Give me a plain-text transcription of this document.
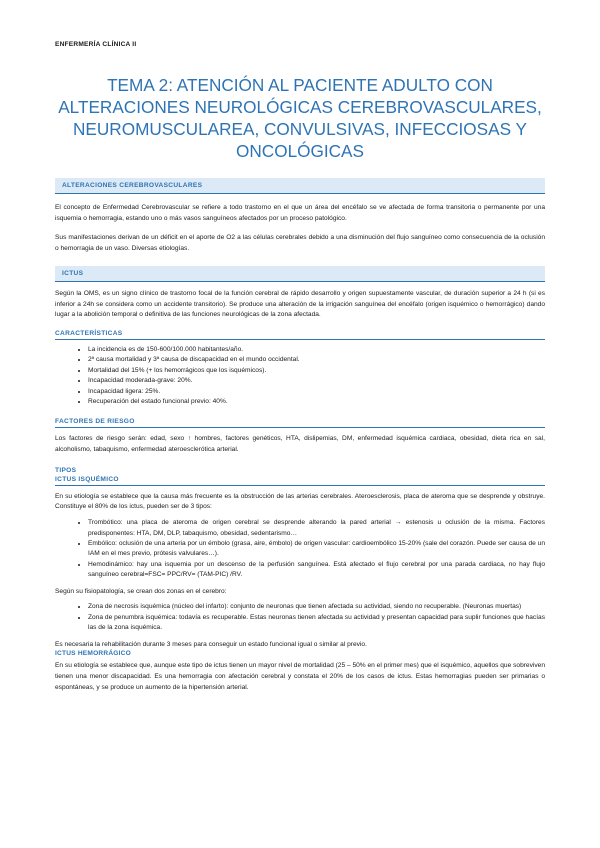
ENFERMERÍA CLÍNICA II
TEMA 2: ATENCIÓN AL PACIENTE ADULTO CON ALTERACIONES NEUROLÓGICAS CEREBROVASCULARES, NEUROMUSCULAREA, CONVULSIVAS, INFECCIOSAS Y ONCOLÓGICAS
ALTERACIONES CEREBROVASCULARES

El concepto de Enfermedad Cerebrovascular se refiere a todo trastorno en el que un área del encéfalo se ve afectada de forma transitoria o permanente por una isquemia o hemorragia, estando uno o más vasos sanguíneos afectados por un proceso patológico.

Sus manifestaciones derivan de un déficit en el aporte de O2 a las células cerebrales debido a una disminución del flujo sanguíneo como consecuencia de la oclusión o hemorragia de un vaso. Diversas etiologías.

ICTUS

Según la OMS, es un signo clínico de trastorno focal de la función cerebral de rápido desarrollo y origen supuestamente vascular, de duración superior a 24 h (si es inferior a 24h se considera como un accidente transitorio). Se produce una alteración de la irrigación sanguínea del encéfalo (origen isquémico o hemorrágico) dando lugar a la abolición temporal o definitiva de las funciones neurológicas de la zona afectada.

CARACTERÍSTICAS
• La incidencia es de 150-600/100.000 habitantes/año.
• 2ª causa mortalidad y 3ª causa de discapacidad en el mundo occidental.
• Mortalidad del 15% (+ los hemorrágicos que los isquémicos).
• Incapacidad moderada-grave: 20%.
• Incapacidad ligera: 25%.
• Recuperación del estado funcional previo: 40%.
FACTORES DE RIESGO

Los factores de riesgo serán: edad, sexo ↑ hombres, factores genéticos, HTA, dislipemias, DM, enfermedad isquémica cardiaca, obesidad, dieta rica en sal, alcoholismo, tabaquismo, enfermedad ateroesclerótica arterial.

TIPOS
ICTUS ISQUÉMICO

En su etiología se establece que la causa más frecuente es la obstrucción de las arterias cerebrales. Ateroesclerosis, placa de ateroma que se desprende y obstruye. Constituye el 80% de los ictus, pueden ser de 3 tipos:

• Trombótico: una placa de ateroma de origen cerebral se desprende alterando la pared arterial → estenosis u oclusión de la misma. Factores predisponentes: HTA, DM, DLP, tabaquismo, obesidad, sedentarismo…
• Embólico: oclusión de una arteria por un émbolo (grasa, aire, émbolo) de origen vascular: cardioembólico 15-20% (sale del corazón. Puede ser causa de un IAM en el mes previo, prótesis valvulares…).
• Hemodinámico: hay una isquemia por un descenso de la perfusión sanguínea. Está afectado el flujo cerebral por una parada cardiaca, no hay flujo sanguíneo cerebral=FSC= PPC/RV= (TAM-PIC) /RV.

Según su fisiopatología, se crean dos zonas en el cerebro:

• Zona de necrosis isquémica (núcleo del infarto): conjunto de neuronas que tienen afectada su actividad, siendo no recuperable. (Neuronas muertas)
• Zona de penumbra isquémica: todavía es recuperable. Estas neuronas tienen afectada su actividad y presentan capacidad para suplir funciones que hacías las de la zona isquémica.

Es necesaria la rehabilitación durante 3 meses para conseguir un estado funcional igual o similar al previo.

ICTUS HEMORRÁGICO

En su etiología se establece que, aunque este tipo de ictus tienen un mayor nivel de mortalidad (25 – 50% en el primer mes) que el isquémico, aquellos que sobreviven tienen una menor discapacidad. Es una hemorragia con afectación cerebral y constata el 20% de los casos de ictus. Estas hemorragias pueden ser primarias o espontáneas, y se produce un aumento de la hipertensión arterial.
